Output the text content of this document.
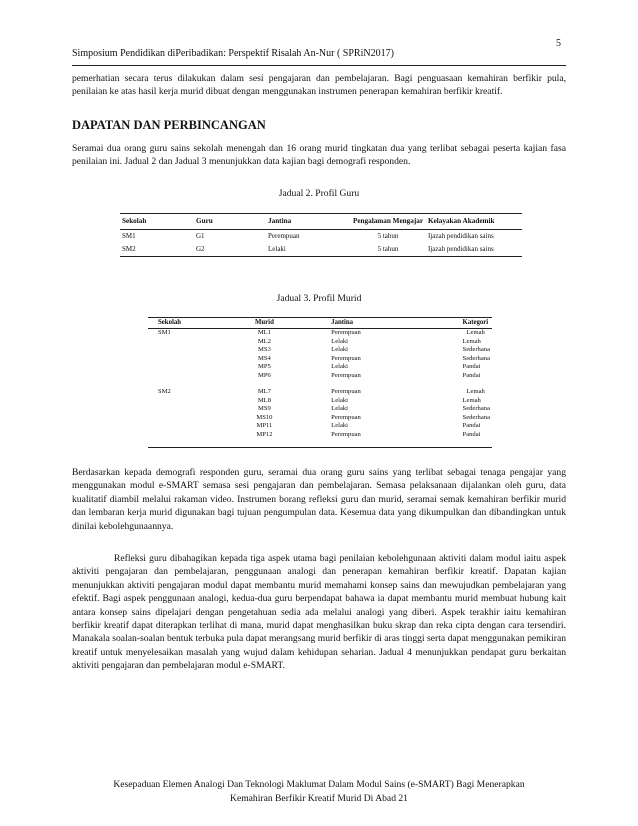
5
Simposium Pendidikan diPeribadikan: Perspektif Risalah An-Nur ( SPRiN2017)

pemerhatian secara terus dilakukan dalam sesi pengajaran dan pembelajaran. Bagi penguasaan kemahiran berfikir pula, penilaian ke atas hasil kerja murid dibuat dengan menggunakan instrumen penerapan kemahiran berfikir kreatif.

DAPATAN DAN PERBINCANGAN

Seramai dua orang guru sains sekolah menengah dan 16 orang murid tingkatan dua yang terlibat sebagai peserta kajian fasa penilaian ini. Jadual 2 dan Jadual 3 menunjukkan data kajian bagi demografi responden.

Jadual 2. Profil Guru
Sekolah	Guru	Jantina	Pengalaman Mengajar	Kelayakan Akademik
SM1	G1	Perempuan	5 tahun	Ijazah pendidikan sains
SM2	G2	Lelaki	5 tahun	Ijazah pendidikan sains
Jadual 3. Profil Murid
Sekolah	Murid	Jantina	Kategori
SM1	ML1	Perempuan	Lemah
	ML2	Lelaki	Lemah
	MS3	Lelaki	Sederhana
	MS4	Perempuan	Sederhana
	MP5	Lelaki	Pandai
	MP6	Perempuan	Pandai

SM2	ML7	Perempuan	Lemah
	ML8	Lelaki	Lemah
	MS9	Lelaki	Sederhana
	MS10	Perempuan	Sederhana
	MP11	Lelaki	Pandai
	MP12	Perempuan	Pandai

Berdasarkan kepada demografi responden guru, seramai dua orang guru sains yang terlibat sebagai tenaga pengajar yang menggunakan modul e-SMART semasa sesi pengajaran dan pembelajaran. Semasa pelaksanaan dijalankan oleh guru, data kualitatif diambil melalui rakaman video. Instrumen borang refleksi guru dan murid, seramai semak kemahiran berfikir murid dan lembaran kerja murid digunakan bagi tujuan pengumpulan data. Kesemua data yang dikumpulkan dan dibandingkan untuk dinilai kebolehgunaannya.

Refleksi guru dibahagikan kepada tiga aspek utama bagi penilaian kebolehgunaan aktiviti dalam modul iaitu aspek aktiviti pengajaran dan pembelajaran, penggunaan analogi dan penerapan kemahiran berfikir kreatif. Dapatan kajian menunjukkan aktiviti pengajaran modul dapat membantu murid memahami konsep sains dan mewujudkan pembelajaran yang efektif. Bagi aspek penggunaan analogi, kedua-dua guru berpendapat bahawa ia dapat membantu murid membuat hubung kait antara konsep sains dipelajari dengan pengetahuan sedia ada melalui analogi yang diberi. Aspek terakhir iaitu kemahiran berfikir kreatif dapat diterapkan terlihat di mana, murid dapat menghasilkan buku skrap dan reka cipta dengan cara tersendiri. Manakala soalan-soalan bentuk terbuka pula dapat merangsang murid berfikir di aras tinggi serta dapat menggunakan pemikiran kreatif untuk menyelesaikan masalah yang wujud dalam kehidupan seharian. Jadual 4 menunjukkan pendapat guru berkaitan aktiviti pengajaran dan pembelajaran modul e-SMART.

Kesepaduan Elemen Analogi Dan Teknologi Maklumat Dalam Modul Sains (e-SMART) Bagi Menerapkan
Kemahiran Berfikir Kreatif Murid Di Abad 21
